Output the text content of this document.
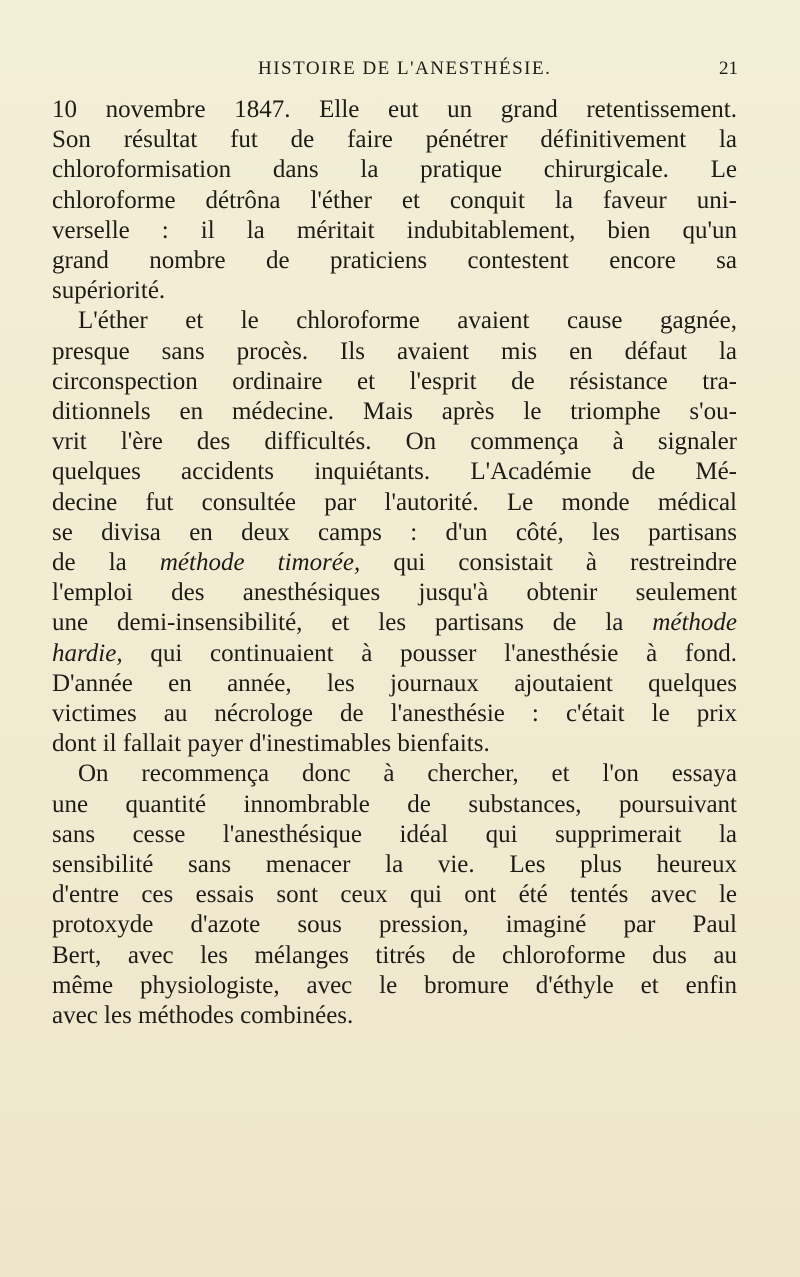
HISTOIRE DE L'ANESTHÉSIE.	21

10 novembre 1847. Elle eut un grand retentissement.
Son résultat fut de faire pénétrer définitivement la
chloroformisation dans la pratique chirurgicale. Le
chloroforme détrôna l'éther et conquit la faveur uni-
verselle : il la méritait indubitablement, bien qu'un
grand nombre de praticiens contestent encore sa
supériorité.

L'éther et le chloroforme avaient cause gagnée,
presque sans procès. Ils avaient mis en défaut la
circonspection ordinaire et l'esprit de résistance tra-
ditionnels en médecine. Mais après le triomphe s'ou-
vrit l'ère des difficultés. On commença à signaler
quelques accidents inquiétants. L'Académie de Mé-
decine fut consultée par l'autorité. Le monde médical
se divisa en deux camps : d'un côté, les partisans
de la méthode timorée, qui consistait à restreindre
l'emploi des anesthésiques jusqu'à obtenir seulement
une demi-insensibilité, et les partisans de la méthode
hardie, qui continuaient à pousser l'anesthésie à fond.
D'année en année, les journaux ajoutaient quelques
victimes au nécrologe de l'anesthésie : c'était le prix
dont il fallait payer d'inestimables bienfaits.

On recommença donc à chercher, et l'on essaya
une quantité innombrable de substances, poursuivant
sans cesse l'anesthésique idéal qui supprimerait la
sensibilité sans menacer la vie. Les plus heureux
d'entre ces essais sont ceux qui ont été tentés avec le
protoxyde d'azote sous pression, imaginé par Paul
Bert, avec les mélanges titrés de chloroforme dus au
même physiologiste, avec le bromure d'éthyle et enfin
avec les méthodes combinées.
